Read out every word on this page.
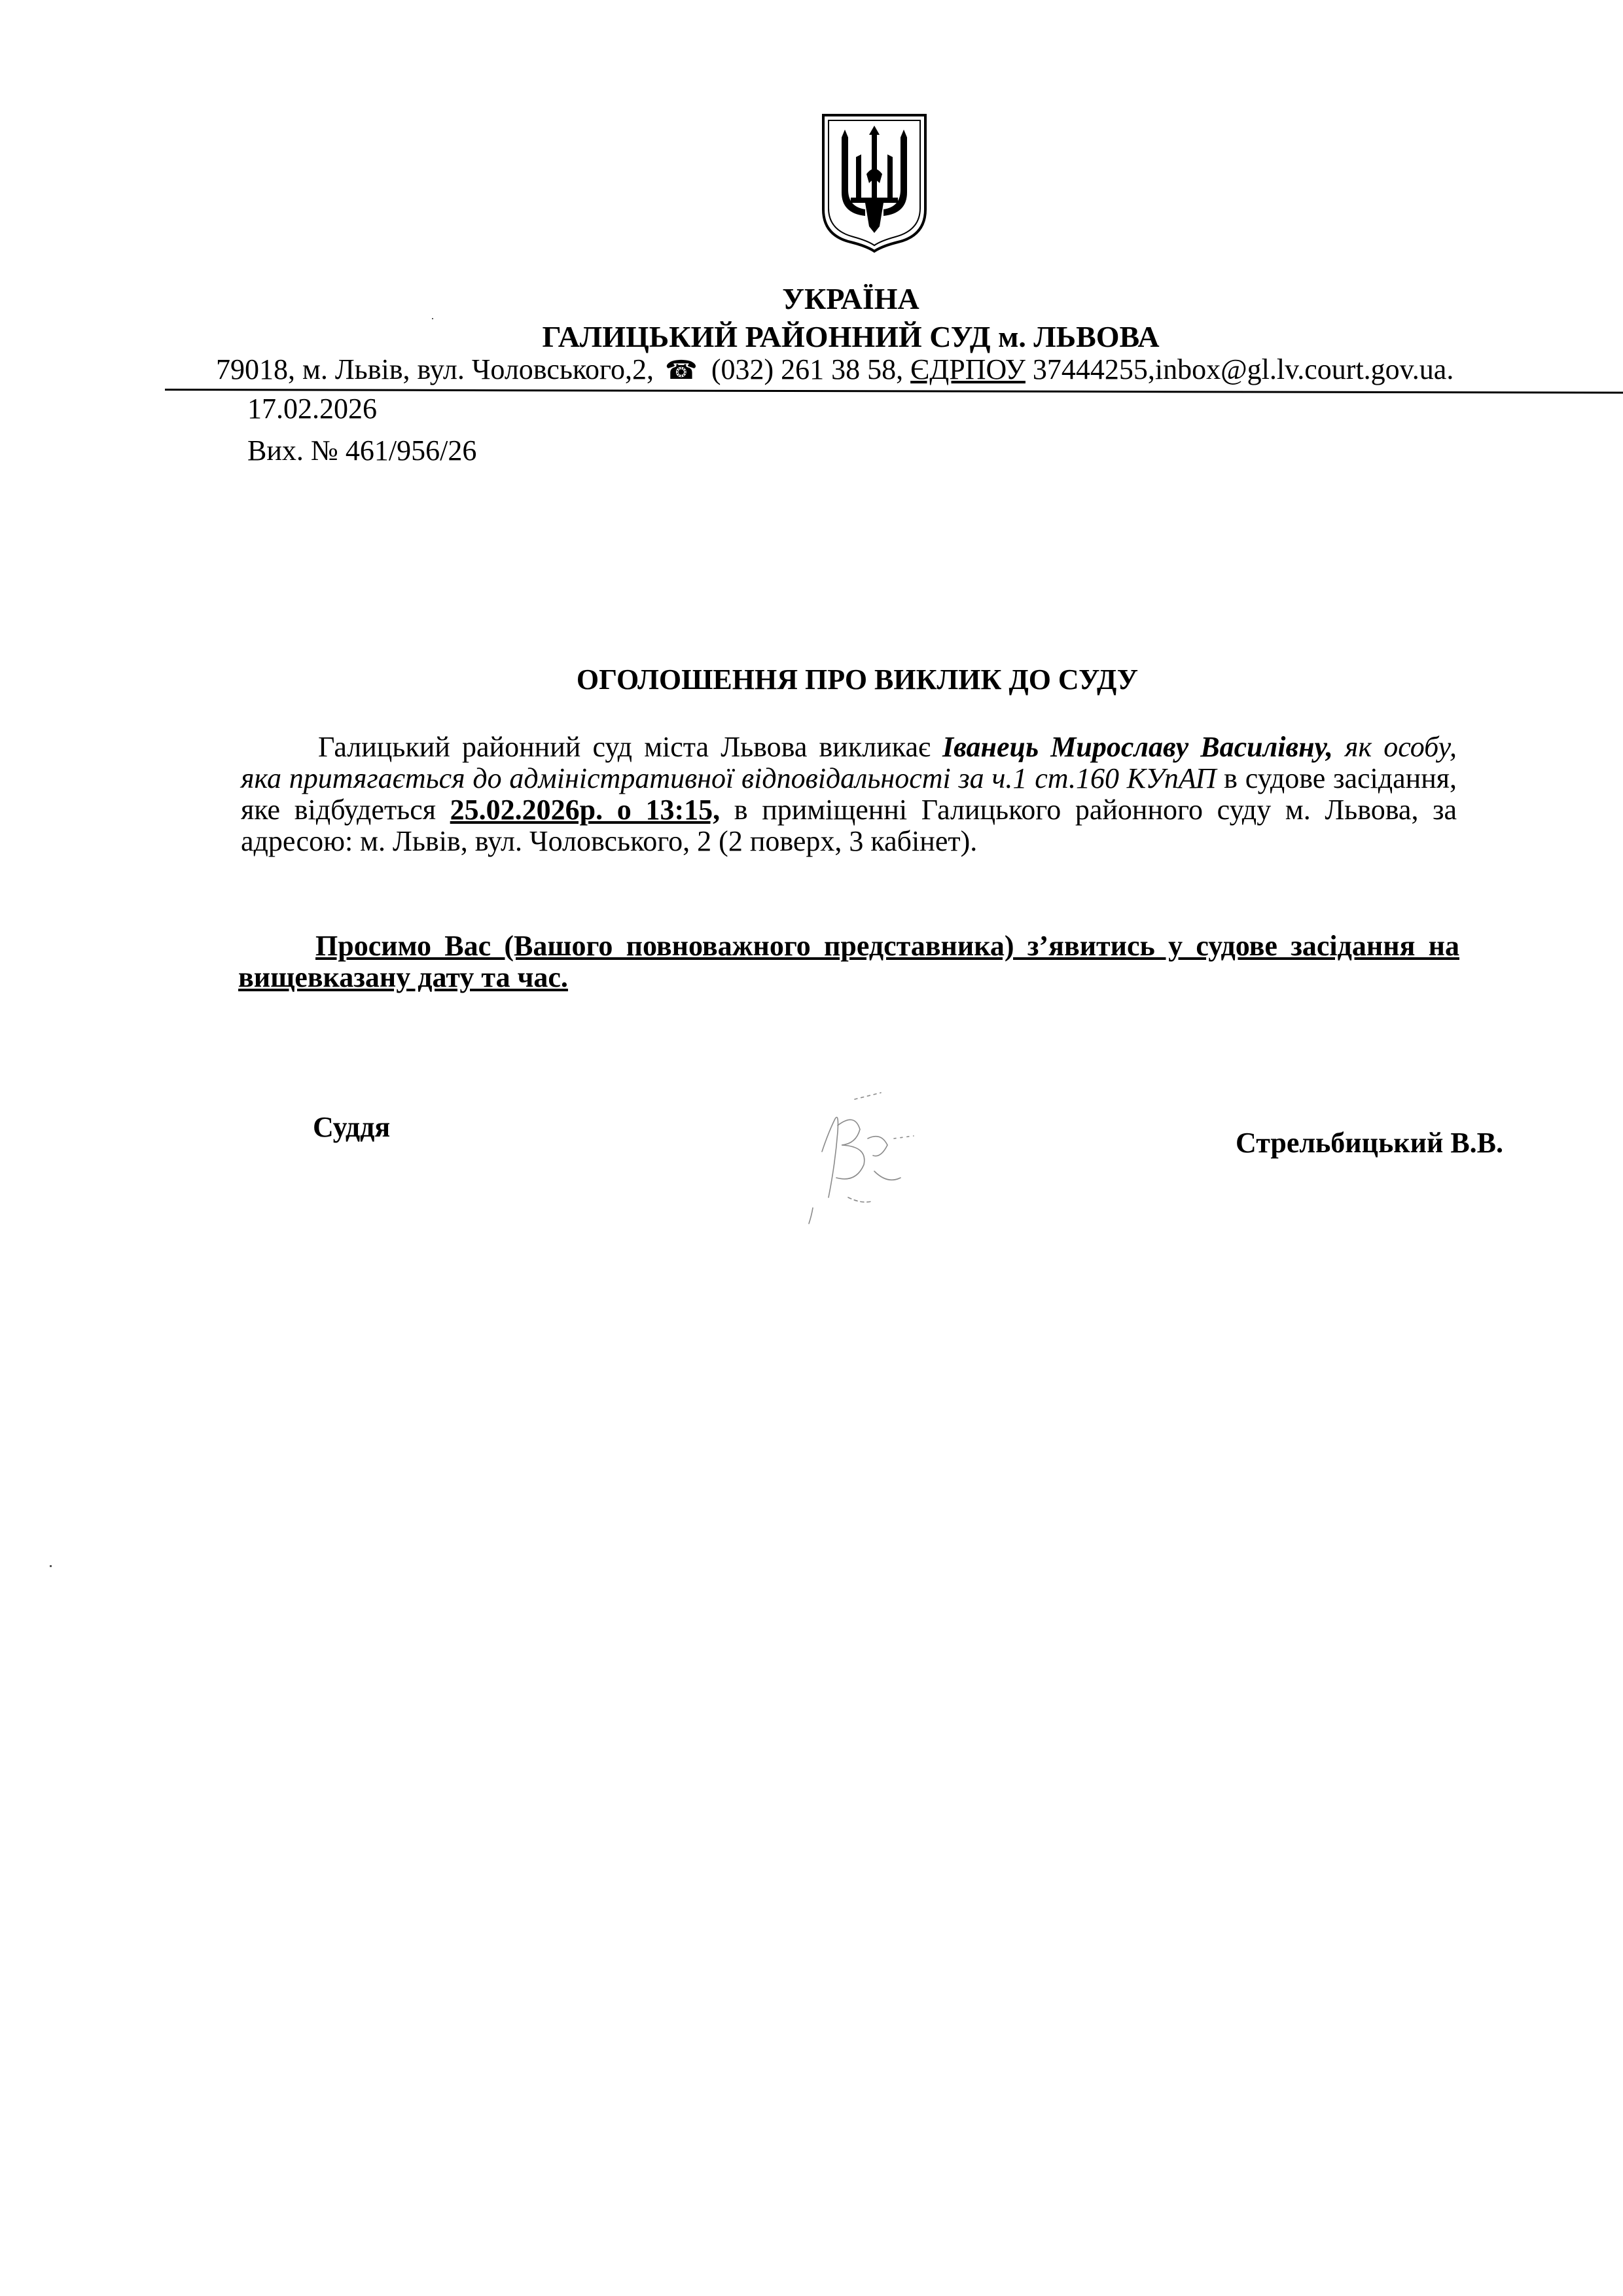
УКРАЇНА
ГАЛИЦЬКИЙ РАЙОННИЙ СУД м. ЛЬВОВА
79018, м. Львів, вул. Чоловського,2, ☎ (032) 261 38 58, ЄДРПОУ 37444255,inbox@gl.lv.court.gov.ua.
17.02.2026
Вих. № 461/956/26
ОГОЛОШЕННЯ ПРО ВИКЛИК ДО СУДУ
Галицький районний суд міста Львова викликає Іванець Мирославу Василівну, як особу, яка притягається до адміністративної відповідальності за ч.1 ст.160 КУпАП в судове засідання, яке відбудеться 25.02.2026р. о 13:15, в приміщенні Галицького районного суду м. Львова, за адресою: м. Львів, вул. Чоловського, 2 (2 поверх, 3 кабінет).
Просимо Вас (Вашого повноважного представника) з’явитись у судове засідання на вищевказану дату та час.
Суддя	Стрельбицький В.В.
